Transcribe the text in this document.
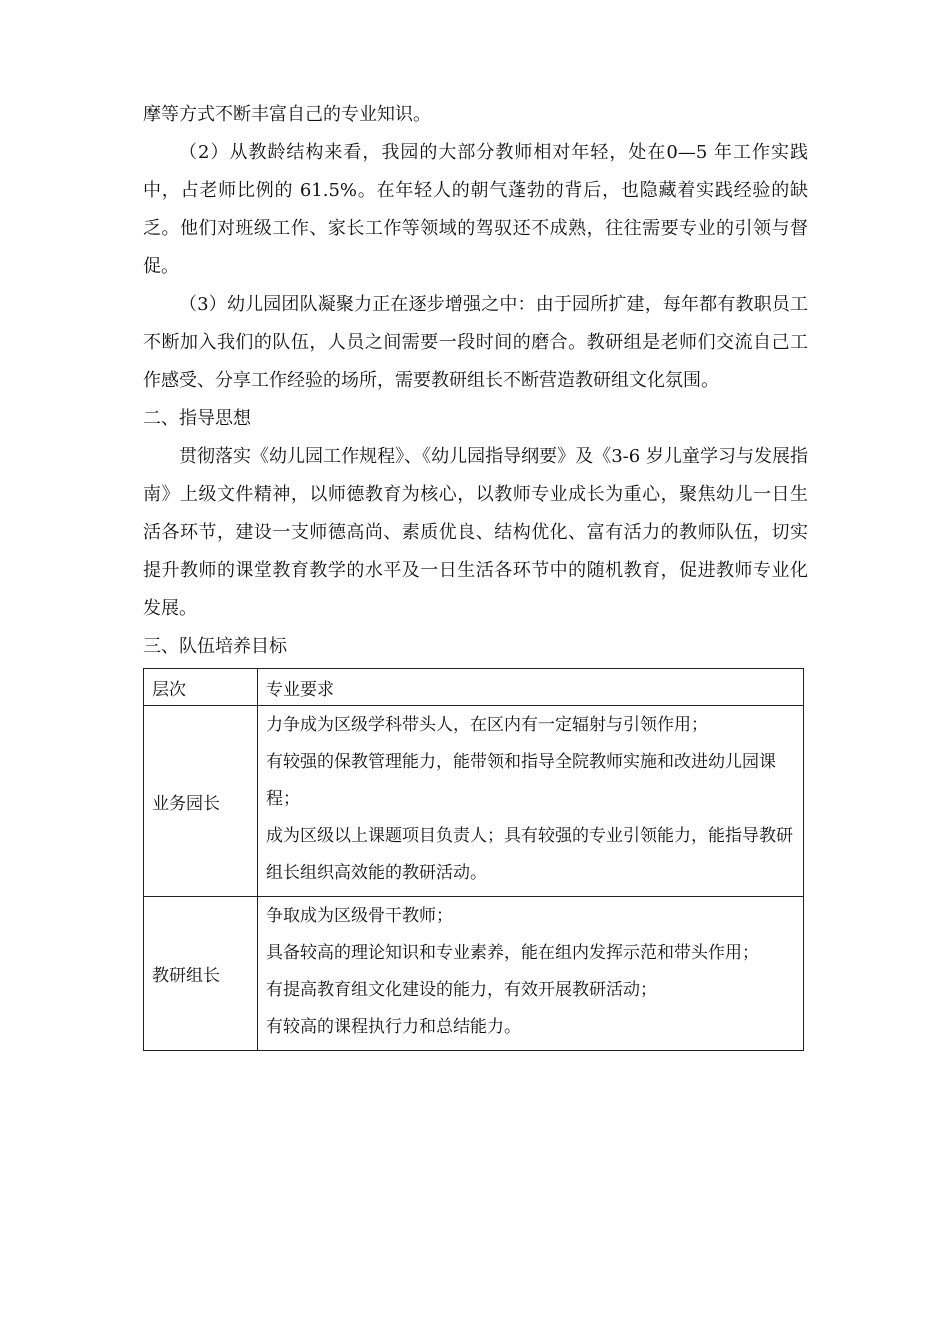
摩等方式不断丰富自己的专业知识。

（2）从教龄结构来看，我园的大部分教师相对年轻，处在0—5 年工作实践中，占老师比例的 61.5%。在年轻人的朝气蓬勃的背后，也隐藏着实践经验的缺乏。他们对班级工作、家长工作等领域的驾驭还不成熟，往往需要专业的引领与督促。

（3）幼儿园团队凝聚力正在逐步增强之中：由于园所扩建，每年都有教职员工不断加入我们的队伍，人员之间需要一段时间的磨合。教研组是老师们交流自己工作感受、分享工作经验的场所，需要教研组长不断营造教研组文化氛围。

二、指导思想

贯彻落实《幼儿园工作规程》、《幼儿园指导纲要》及《3-6 岁儿童学习与发展指南》上级文件精神，以师德教育为核心，以教师专业成长为重心，聚焦幼儿一日生活各环节，建设一支师德高尚、素质优良、结构优化、富有活力的教师队伍，切实提升教师的课堂教育教学的水平及一日生活各环节中的随机教育，促进教师专业化发展。

三、队伍培养目标

层次	专业要求
业务园长	力争成为区级学科带头人，在区内有一定辐射与引领作用；
有较强的保教管理能力，能带领和指导全院教师实施和改进幼儿园课程；
成为区级以上课题项目负责人；具有较强的专业引领能力，能指导教研组长组织高效能的教研活动。

教研组长	争取成为区级骨干教师；
具备较高的理论知识和专业素养，能在组内发挥示范和带头作用；
有提高教育组文化建设的能力，有效开展教研活动；
有较高的课程执行力和总结能力。
